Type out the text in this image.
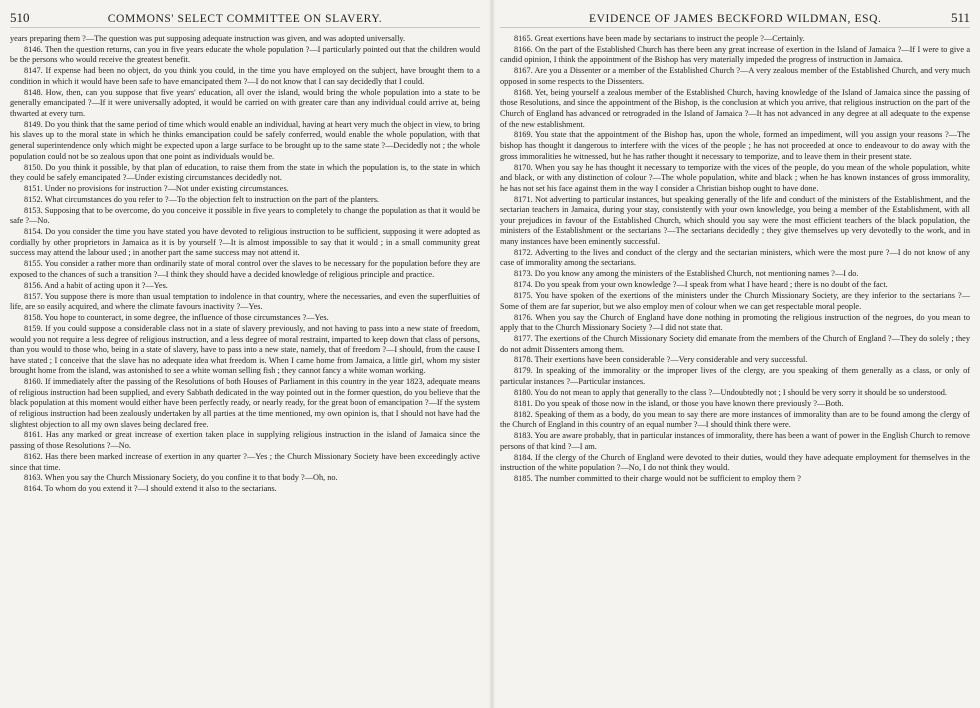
510	COMMONS' SELECT COMMITTEE ON SLAVERY.

years preparing them ?—The question was put supposing adequate instruction was given, and was adopted universally.

8146. Then the question returns, can you in five years educate the whole population ?—I particularly pointed out that the children would be the persons who would receive the greatest benefit.

8147. If expense had been no object, do you think you could, in the time you have employed on the subject, have brought them to a condition in which it would have been safe to have emancipated them ?—I do not know that I can say decidedly that I could.

8148. How, then, can you suppose that five years' education, all over the island, would bring the whole population into a state to be generally emancipated ?—If it were universally adopted, it would be carried on with greater care than any individual could arrive at, being thwarted at every turn.

8149. Do you think that the same period of time which would enable an individual, having at heart very much the object in view, to bring his slaves up to the moral state in which he thinks emancipation could be safely conferred, would enable the whole population, with that general superintendence only which might be expected upon a large surface to be brought up to the same state ?—Decidedly not ; the whole population could not be so zealous upon that one point as individuals would be.

8150. Do you think it possible, by that plan of education, to raise them from the state in which the population is, to the state in which they could be safely emancipated ?—Under existing circumstances decidedly not.

8151. Under no provisions for instruction ?—Not under existing circumstances.

8152. What circumstances do you refer to ?—To the objection felt to instruction on the part of the planters.

8153. Supposing that to be overcome, do you conceive it possible in five years to completely to change the population as that it would be safe ?—No.

8154. Do you consider the time you have stated you have devoted to religious instruction to be sufficient, supposing it were adopted as cordially by other proprietors in Jamaica as it is by yourself ?—It is almost impossible to say that it would ; in a small community great success may attend the labour used ; in another part the same success may not attend it.

8155. You consider a rather more than ordinarily state of moral control over the slaves to be necessary for the population before they are exposed to the chances of such a transition ?—I think they should have a decided knowledge of religious principle and practice.

8156. And a habit of acting upon it ?—Yes.

8157. You suppose there is more than usual temptation to indolence in that country, where the necessaries, and even the superfluities of life, are so easily acquired, and where the climate favours inactivity ?—Yes.

8158. You hope to counteract, in some degree, the influence of those circumstances ?—Yes.

8159. If you could suppose a considerable class not in a state of slavery previously, and not having to pass into a new state of freedom, would you not require a less degree of religious instruction, and a less degree of moral restraint, imparted to keep down that class of persons, than you would to those who, being in a state of slavery, have to pass into a new state, namely, that of freedom ?—I should, from the cause I have stated ; I conceive that the slave has no adequate idea what freedom is. When I came home from Jamaica, a little girl, whom my sister brought home from the island, was astonished to see a white woman selling fish ; they cannot fancy a white woman working.

8160. If immediately after the passing of the Resolutions of both Houses of Parliament in this country in the year 1823, adequate means of religious instruction had been supplied, and every Sabbath dedicated in the way pointed out in the former question, do you believe that the black population at this moment would either have been perfectly ready, or nearly ready, for the great boon of emancipation ?—If the system of religious instruction had been zealously undertaken by all parties at the time mentioned, my own opinion is, that I should not have had the slightest objection to all my own slaves being declared free.

8161. Has any marked or great increase of exertion taken place in supplying religious instruction in the island of Jamaica since the passing of those Resolutions ?—No.

8162. Has there been marked increase of exertion in any quarter ?—Yes ; the Church Missionary Society have been exceedingly active since that time.

8163. When you say the Church Missionary Society, do you confine it to that body ?—Oh, no.

8164. To whom do you extend it ?—I should extend it also to the sectarians.

EVIDENCE OF JAMES BECKFORD WILDMAN, ESQ.	511

8165. Great exertions have been made by sectarians to instruct the people ?—Certainly.

8166. On the part of the Established Church has there been any great increase of exertion in the Island of Jamaica ?—If I were to give a candid opinion, I think the appointment of the Bishop has very materially impeded the progress of instruction in Jamaica.

8167. Are you a Dissenter or a member of the Established Church ?—A very zealous member of the Established Church, and very much opposed in some respects to the Dissenters.

8168. Yet, being yourself a zealous member of the Established Church, having knowledge of the Island of Jamaica since the passing of those Resolutions, and since the appointment of the Bishop, is the conclusion at which you arrive, that religious instruction on the part of the Church of England has advanced or retrograded in the Island of Jamaica ?—It has not advanced in any degree at all adequate to the expense of the new establishment.

8169. You state that the appointment of the Bishop has, upon the whole, formed an impediment, will you assign your reasons ?—The bishop has thought it dangerous to interfere with the vices of the people ; he has not proceeded at once to endeavour to do away with the gross immoralities he witnessed, but he has rather thought it necessary to temporize, and to leave them in their present state.

8170. When you say he has thought it necessary to temporize with the vices of the people, do you mean of the whole population, white and black, or with any distinction of colour ?—The whole population, white and black ; when he has known instances of gross immorality, he has not set his face against them in the way I consider a Christian bishop ought to have done.

8171. Not adverting to particular instances, but speaking generally of the life and conduct of the ministers of the Establishment, and the sectarian teachers in Jamaica, during your stay, consistently with your own knowledge, you being a member of the Establishment, with all your prejudices in favour of the Established Church, which should you say were the most efficient teachers of the black population, the ministers of the Establishment or the sectarians ?—The sectarians decidedly ; they give themselves up very devotedly to the work, and in many instances have been eminently successful.

8172. Adverting to the lives and conduct of the clergy and the sectarian ministers, which were the most pure ?—I do not know of any case of immorality among the sectarians.

8173. Do you know any among the ministers of the Established Church, not mentioning names ?—I do.

8174. Do you speak from your own knowledge ?—I speak from what I have heard ; there is no doubt of the fact.

8175. You have spoken of the exertions of the ministers under the Church Missionary Society, are they inferior to the sectarians ?—Some of them are far superior, but we also employ men of colour when we can get respectable moral people.

8176. When you say the Church of England have done nothing in promoting the religious instruction of the negroes, do you mean to apply that to the Church Missionary Society ?—I did not state that.

8177. The exertions of the Church Missionary Society did emanate from the members of the Church of England ?—They do solely ; they do not admit Dissenters among them.

8178. Their exertions have been considerable ?—Very considerable and very successful.

8179. In speaking of the immorality or the improper lives of the clergy, are you speaking of them generally as a class, or only of particular instances ?—Particular instances.

8180. You do not mean to apply that generally to the class ?—Undoubtedly not ; I should be very sorry it should be so understood.

8181. Do you speak of those now in the island, or those you have known there previously ?—Both.

8182. Speaking of them as a body, do you mean to say there are more instances of immorality than are to be found among the clergy of the Church of England in this country of an equal number ?—I should think there were.

8183. You are aware probably, that in particular instances of immorality, there has been a want of power in the English Church to remove persons of that kind ?—I am.

8184. If the clergy of the Church of England were devoted to their duties, would they have adequate employment for themselves in the instruction of the white population ?—No, I do not think they would.

8185. The number committed to their charge would not be sufficient to employ them ?
